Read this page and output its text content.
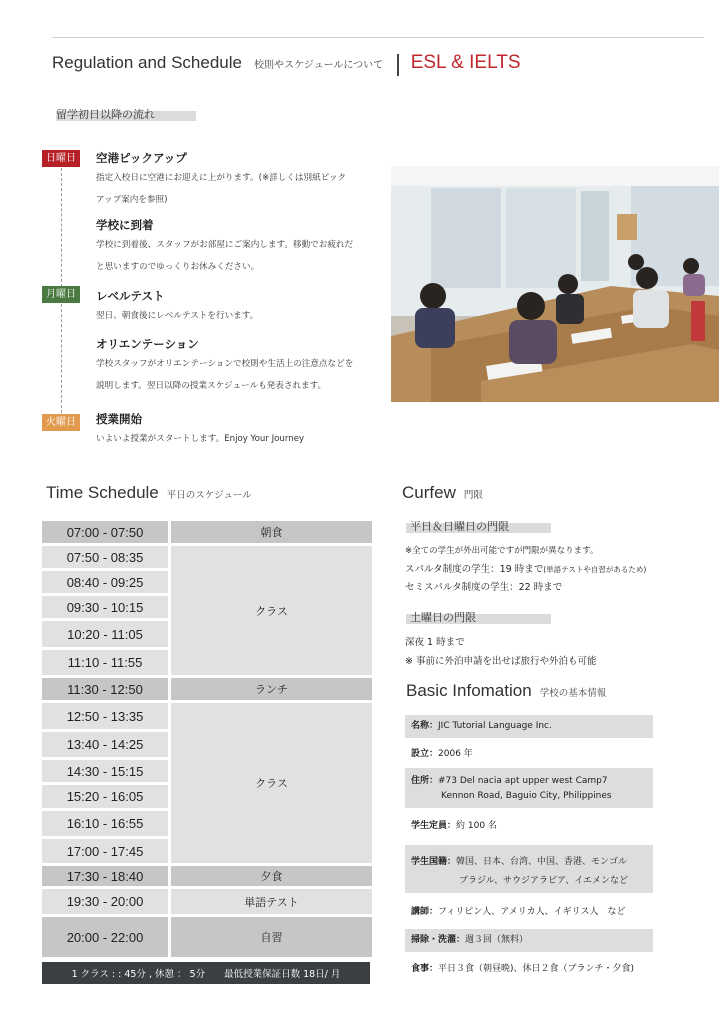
Regulation and Schedule 校則やスケジュールについて ESL & IELTS
留学初日以降の流れ
日曜日
月曜日
火曜日
空港ピックアップ
指定入校日に空港にお迎えに上がります。(※詳しくは別紙ピック
アップ案内を参照)
学校に到着
学校に到着後、スタッフがお部屋にご案内します。移動でお疲れだ
と思いますのでゆっくりお休みください。
レベルテスト
翌日、朝食後にレベルテストを行います。
オリエンテーション
学校スタッフがオリエンテーションで校則や生活上の注意点などを
説明します。翌日以降の授業スケジュールも発表されます。
授業開始
いよいよ授業がスタートします。Enjoy Your Journey
Time Schedule 平日のスケジュール
07:00 - 07:50
07:50 - 08:35
08:40 - 09:25
09:30 - 10:15
10:20 - 11:05
11:10 - 11:55
11:30 - 12:50
12:50 - 13:35
13:40 - 14:25
14:30 - 15:15
15:20 - 16:05
16:10 - 16:55
17:00 - 17:45
17:30 - 18:40
19:30 - 20:00
20:00 - 22:00
朝食
クラス
ランチ
クラス
夕食
単語テスト
自習
1 クラス : : 45分 , 休憩 ： 5分　　最低授業保証日数 18日/ 月
Curfew 門限
平日＆日曜日の門限
※全ての学生が外出可能ですが門限が異なります。
スパルタ制度の学生：19 時まで(単語テストや自習があるため)
セミスパルタ制度の学生：22 時まで
土曜日の門限
深夜 1 時まで
※ 事前に外泊申請を出せば旅行や外泊も可能
Basic Infomation 学校の基本情報
名称：JIC Tutorial Language Inc.
設立：2006 年
住所：#73 Del nacia apt upper west Camp7
Kennon Road, Baguio City, Philippines
学生定員：約 100 名
学生国籍：韓国、日本、台湾、中国、香港、モンゴル
ブラジル、サウジアラビア、イエメンなど
講師：フィリピン人、アメリカ人、イギリス人　など
掃除・洗濯：週３回（無料）
食事：平日３食（朝昼晩)、休日２食（ブランチ・夕食)
